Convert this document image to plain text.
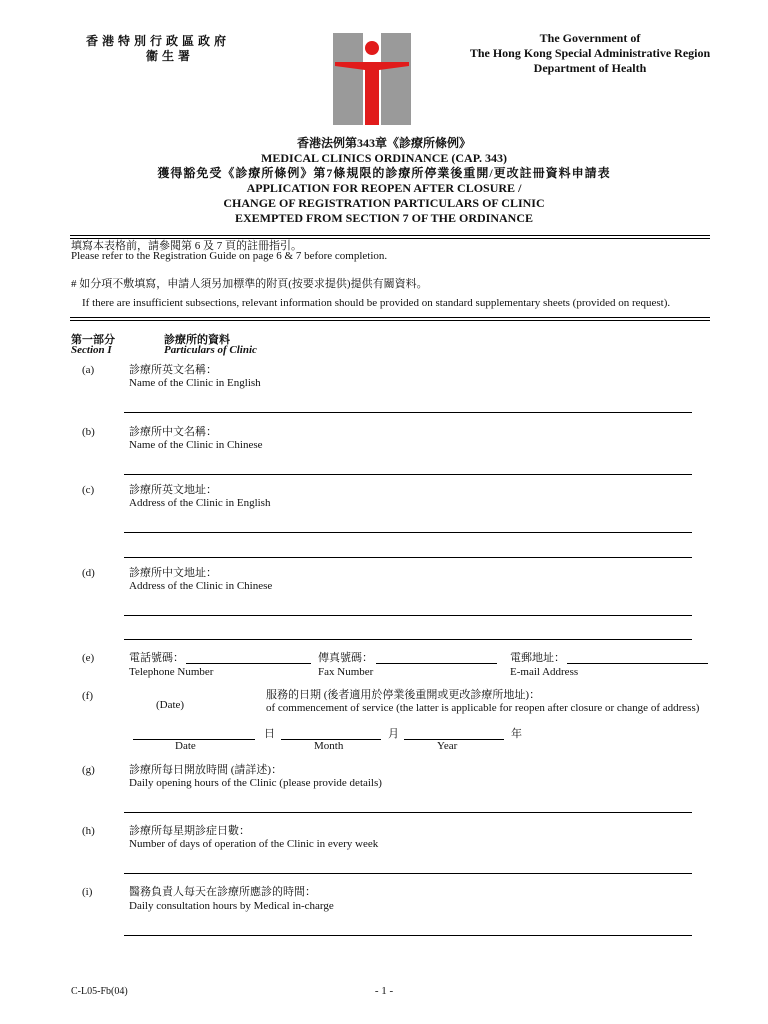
香 港 特 別 行 政 區 政 府
衞 生 署
The Government of
The Hong Kong Special Administrative Region
Department of Health
香港法例第343章《診療所條例》
MEDICAL CLINICS ORDINANCE (CAP. 343)
獲得豁免受《診療所條例》第7條規限的診療所停業後重開/更改註冊資料申請表
APPLICATION FOR REOPEN AFTER CLOSURE /
CHANGE OF REGISTRATION PARTICULARS OF CLINIC
EXEMPTED FROM SECTION 7 OF THE ORDINANCE
填寫本表格前，請參閱第 6 及 7 頁的註冊指引。
Please refer to the Registration Guide on page 6 & 7 before completion.
# 如分項不敷填寫，申請人須另加標準的附頁(按要求提供)提供有關資料。
If there are insufficient subsections, relevant information should be provided on standard supplementary sheets (provided on request).
第一部分
Section I
診療所的資料
Particulars of Clinic
(a)	診療所英文名稱：
Name of the Clinic in English
(b)	診療所中文名稱：
Name of the Clinic in Chinese
(c)	診療所英文地址：
Address of the Clinic in English
(d)	診療所中文地址：
Address of the Clinic in Chinese
(e)	電話號碼：
Telephone Number
傳真號碼：
Fax Number
電郵地址：
E-mail Address
(f)
(Date)
服務的日期 (後者適用於停業後重開或更改診療所地址)：
of commencement of service (the latter is applicable for reopen after closure or change of address)
日	月	年
Date	Month	Year
(g)	診療所每日開放時間 (請詳述)：
Daily opening hours of the Clinic (please provide details)
(h)	診療所每星期診症日數：
Number of days of operation of the Clinic in every week
(i)	醫務負責人每天在診療所應診的時間：
Daily consultation hours by Medical in-charge
C-L05-Fb(04)	- 1 -
